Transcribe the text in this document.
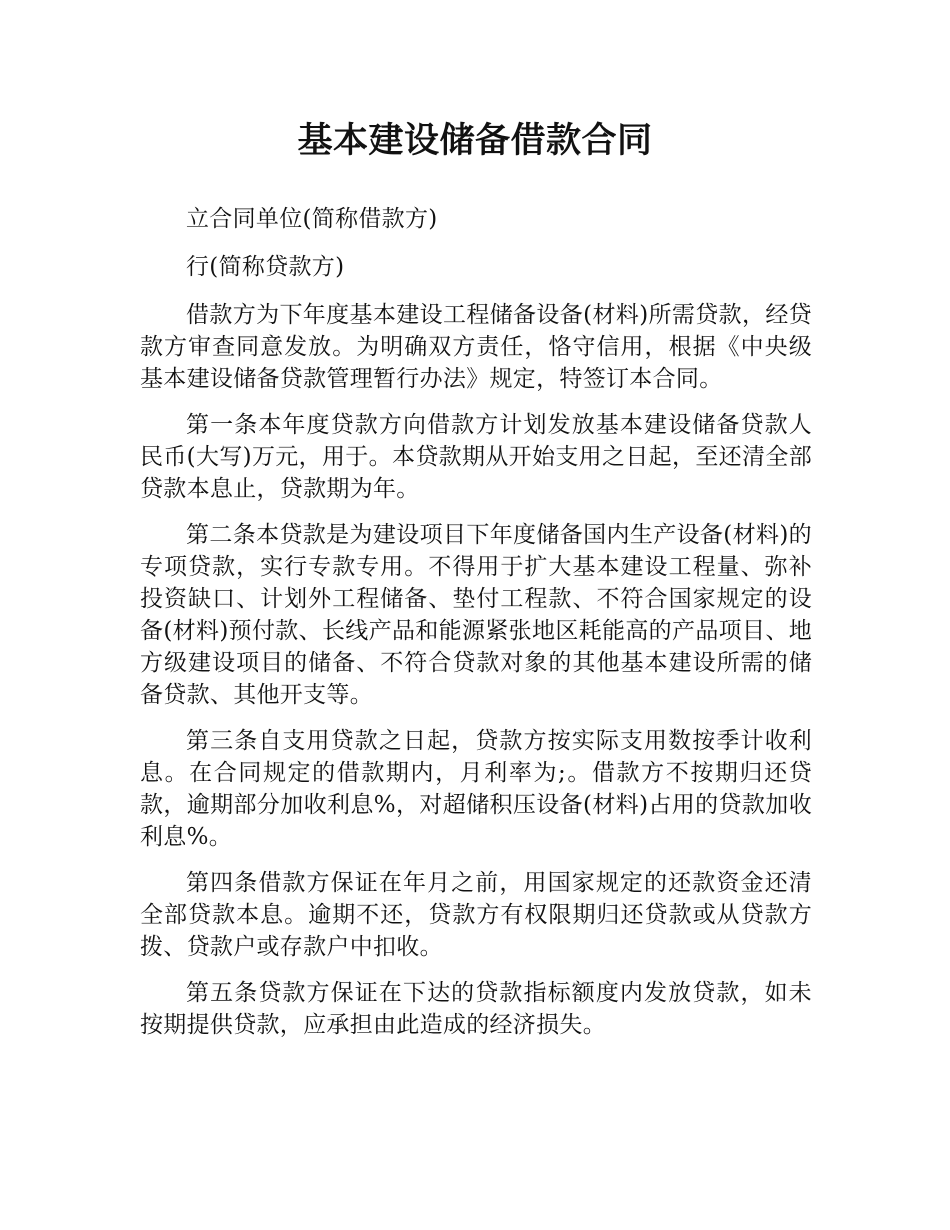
基本建设储备借款合同

立合同单位(简称借款方)

行(简称贷款方)

借款方为下年度基本建设工程储备设备(材料)所需贷款，经贷款方审查同意发放。为明确双方责任，恪守信用，根据《中央级基本建设储备贷款管理暂行办法》规定，特签订本合同。

第一条本年度贷款方向借款方计划发放基本建设储备贷款人民币(大写)万元，用于。本贷款期从开始支用之日起，至还清全部贷款本息止，贷款期为年。

第二条本贷款是为建设项目下年度储备国内生产设备(材料)的专项贷款，实行专款专用。不得用于扩大基本建设工程量、弥补投资缺口、计划外工程储备、垫付工程款、不符合国家规定的设备(材料)预付款、长线产品和能源紧张地区耗能高的产品项目、地方级建设项目的储备、不符合贷款对象的其他基本建设所需的储备贷款、其他开支等。

第三条自支用贷款之日起，贷款方按实际支用数按季计收利息。在合同规定的借款期内，月利率为;。借款方不按期归还贷款，逾期部分加收利息%，对超储积压设备(材料)占用的贷款加收利息%。

第四条借款方保证在年月之前，用国家规定的还款资金还清全部贷款本息。逾期不还，贷款方有权限期归还贷款或从贷款方拨、贷款户或存款户中扣收。

第五条贷款方保证在下达的贷款指标额度内发放贷款，如未按期提供贷款，应承担由此造成的经济损失。
